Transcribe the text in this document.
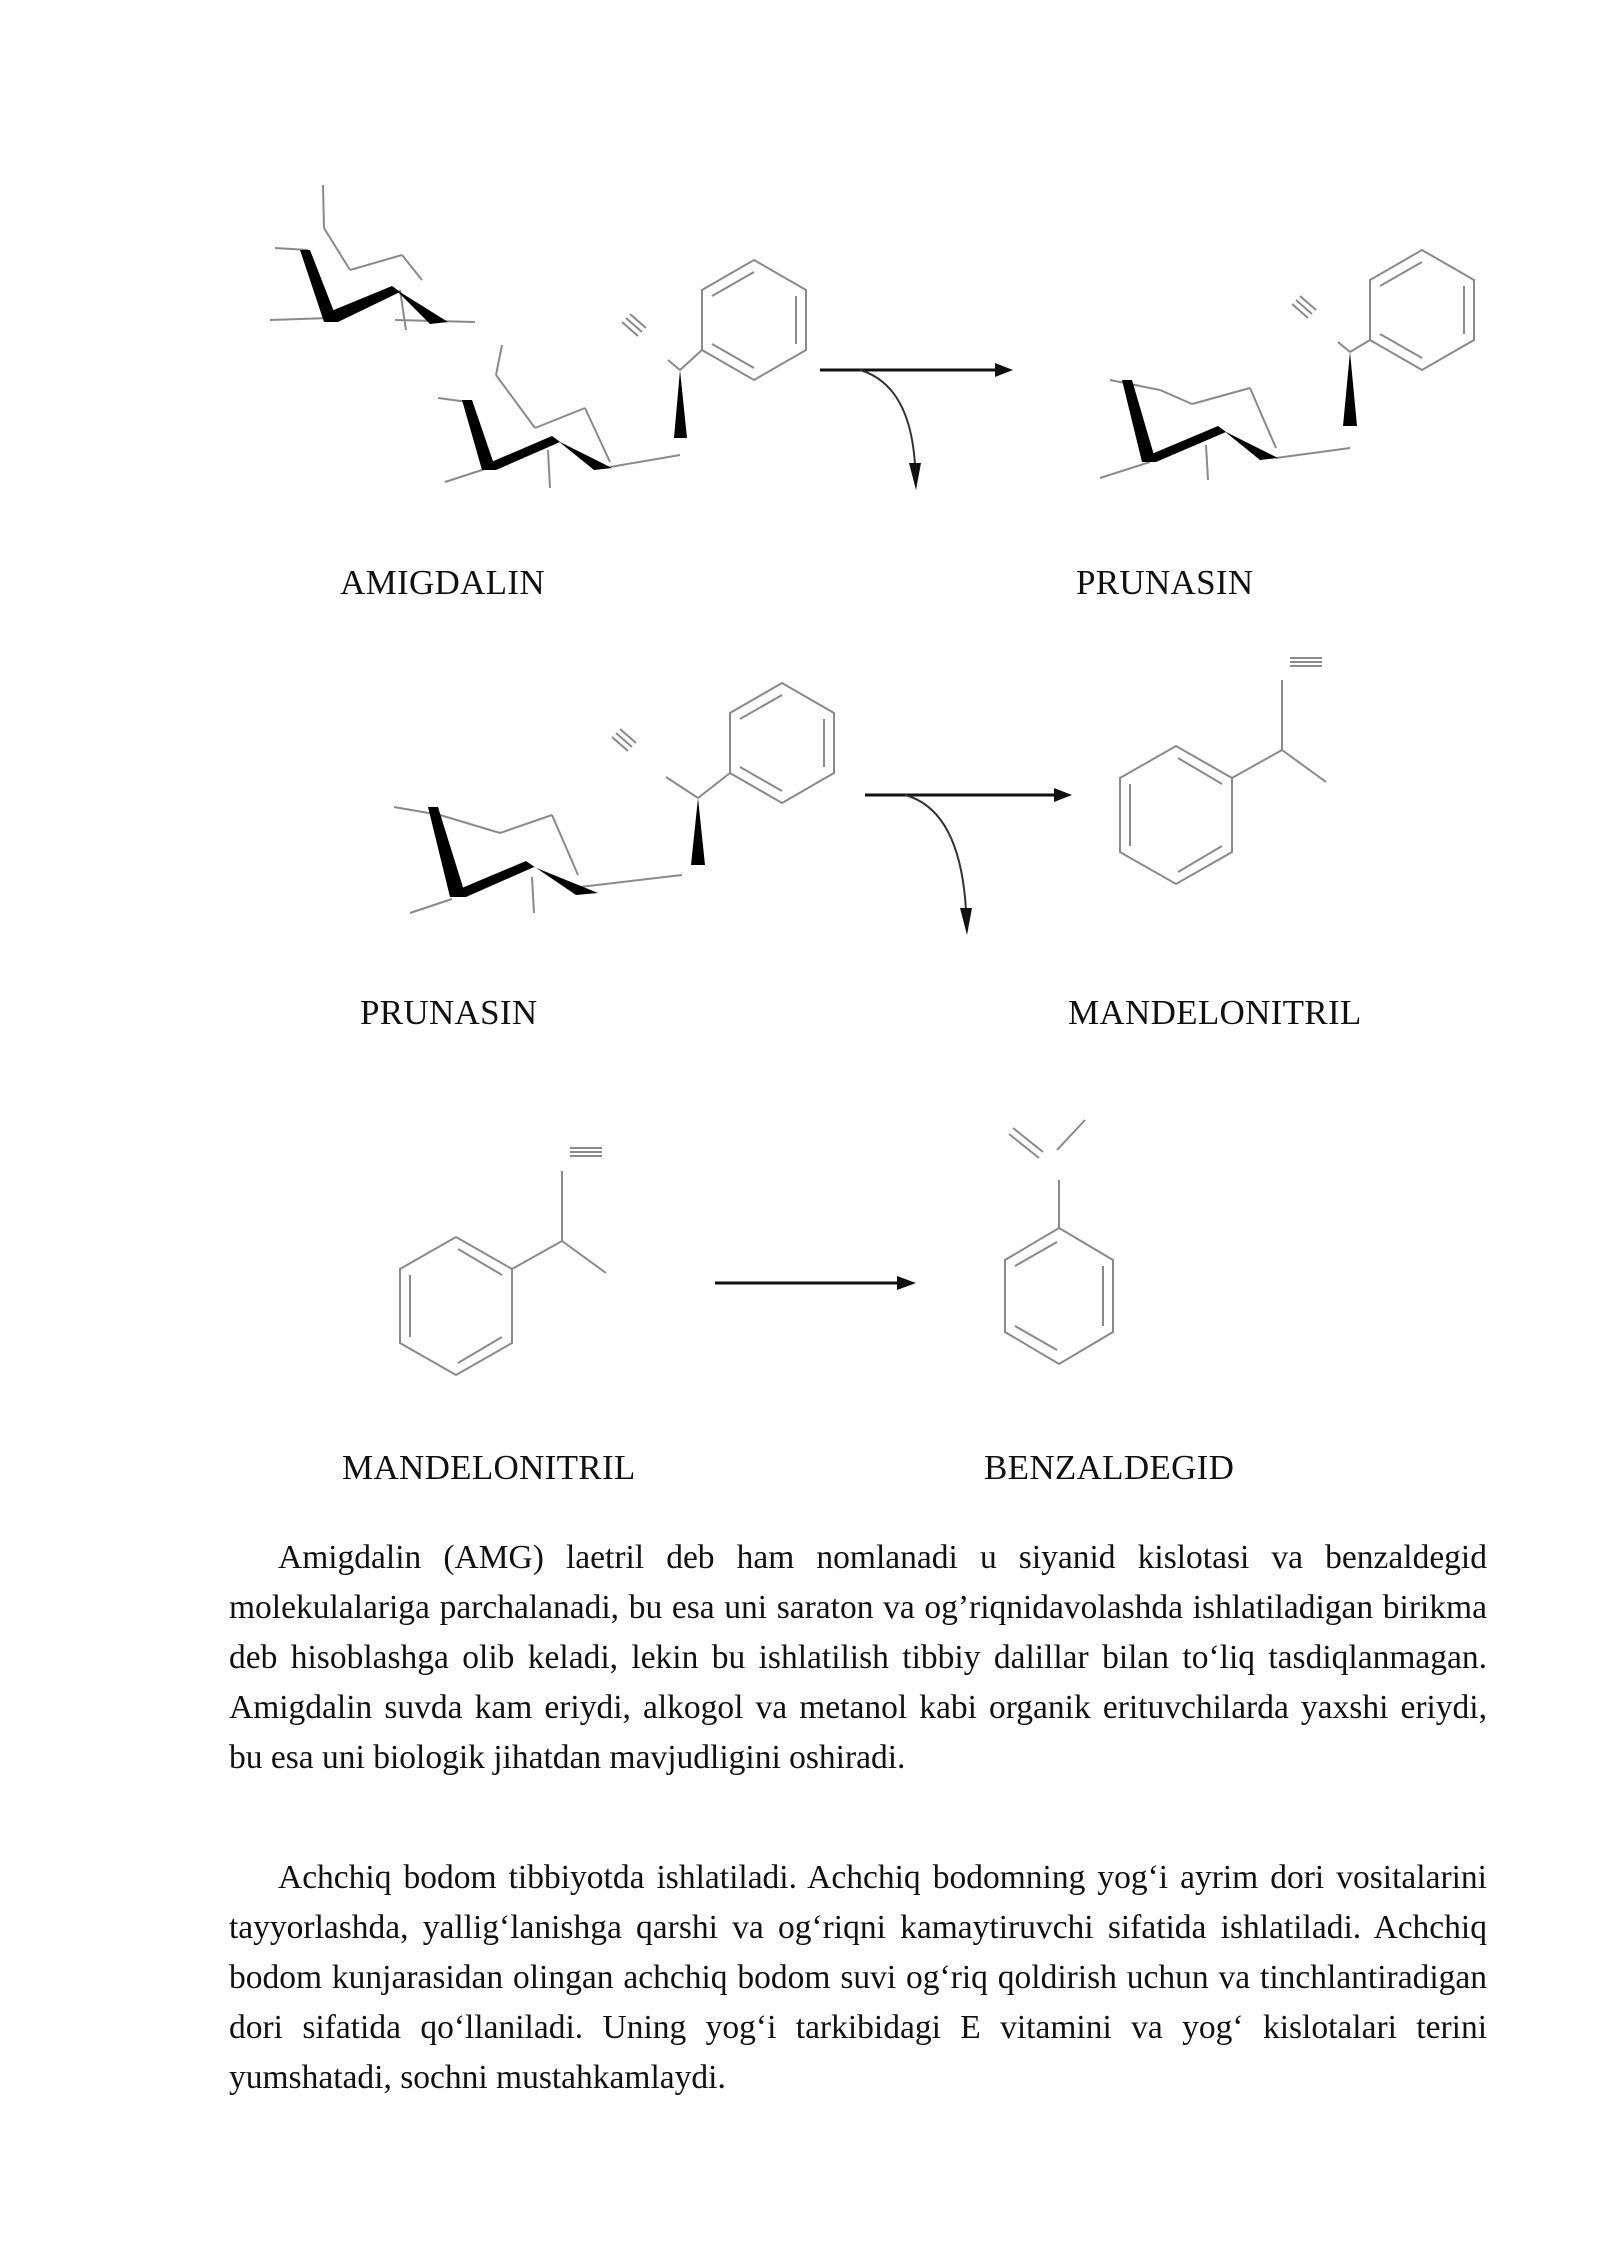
AMIGDALIN	PRUNASIN
PRUNASIN	MANDELONITRIL
MANDELONITRIL	BENZALDEGID

Amigdalin (AMG) laetril deb ham nomlanadi u siyanid kislotasi va benzaldegid molekulalariga parchalanadi, bu esa uni saraton va og’riqnidavolashda ishlatiladigan birikma deb hisoblashga olib keladi, lekin bu ishlatilish tibbiy dalillar bilan to‘liq tasdiqlanmagan. Amigdalin suvda kam eriydi, alkogol va metanol kabi organik erituvchilarda yaxshi eriydi, bu esa uni biologik jihatdan mavjudligini oshiradi.

Achchiq bodom tibbiyotda ishlatiladi. Achchiq bodomning yog‘i ayrim dori vositalarini tayyorlashda, yallig‘lanishga qarshi va og‘riqni kamaytiruvchi sifatida ishlatiladi. Achchiq bodom kunjarasidan olingan achchiq bodom suvi og‘riq qoldirish uchun va tinchlantiradigan dori sifatida qo‘llaniladi. Uning yog‘i tarkibidagi E vitamini va yog‘ kislotalari terini yumshatadi, sochni mustahkamlaydi.
